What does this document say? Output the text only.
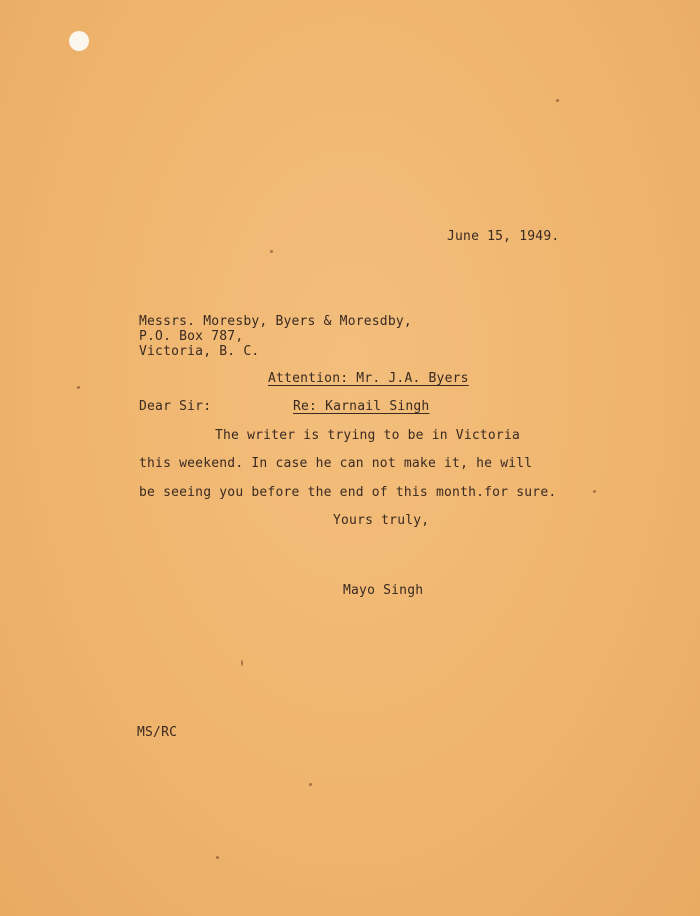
June 15, 1949.
Messrs. Moresby, Byers & Moresdby,
P.O. Box 787,
Victoria, B. C.
Attention: Mr. J.A. Byers
Dear Sir:	Re: Karnail Singh
The writer is trying to be in Victoria
this weekend. In case he can not make it, he will
be seeing you before the end of this month.for sure.
Yours truly,
Mayo Singh
MS/RC
